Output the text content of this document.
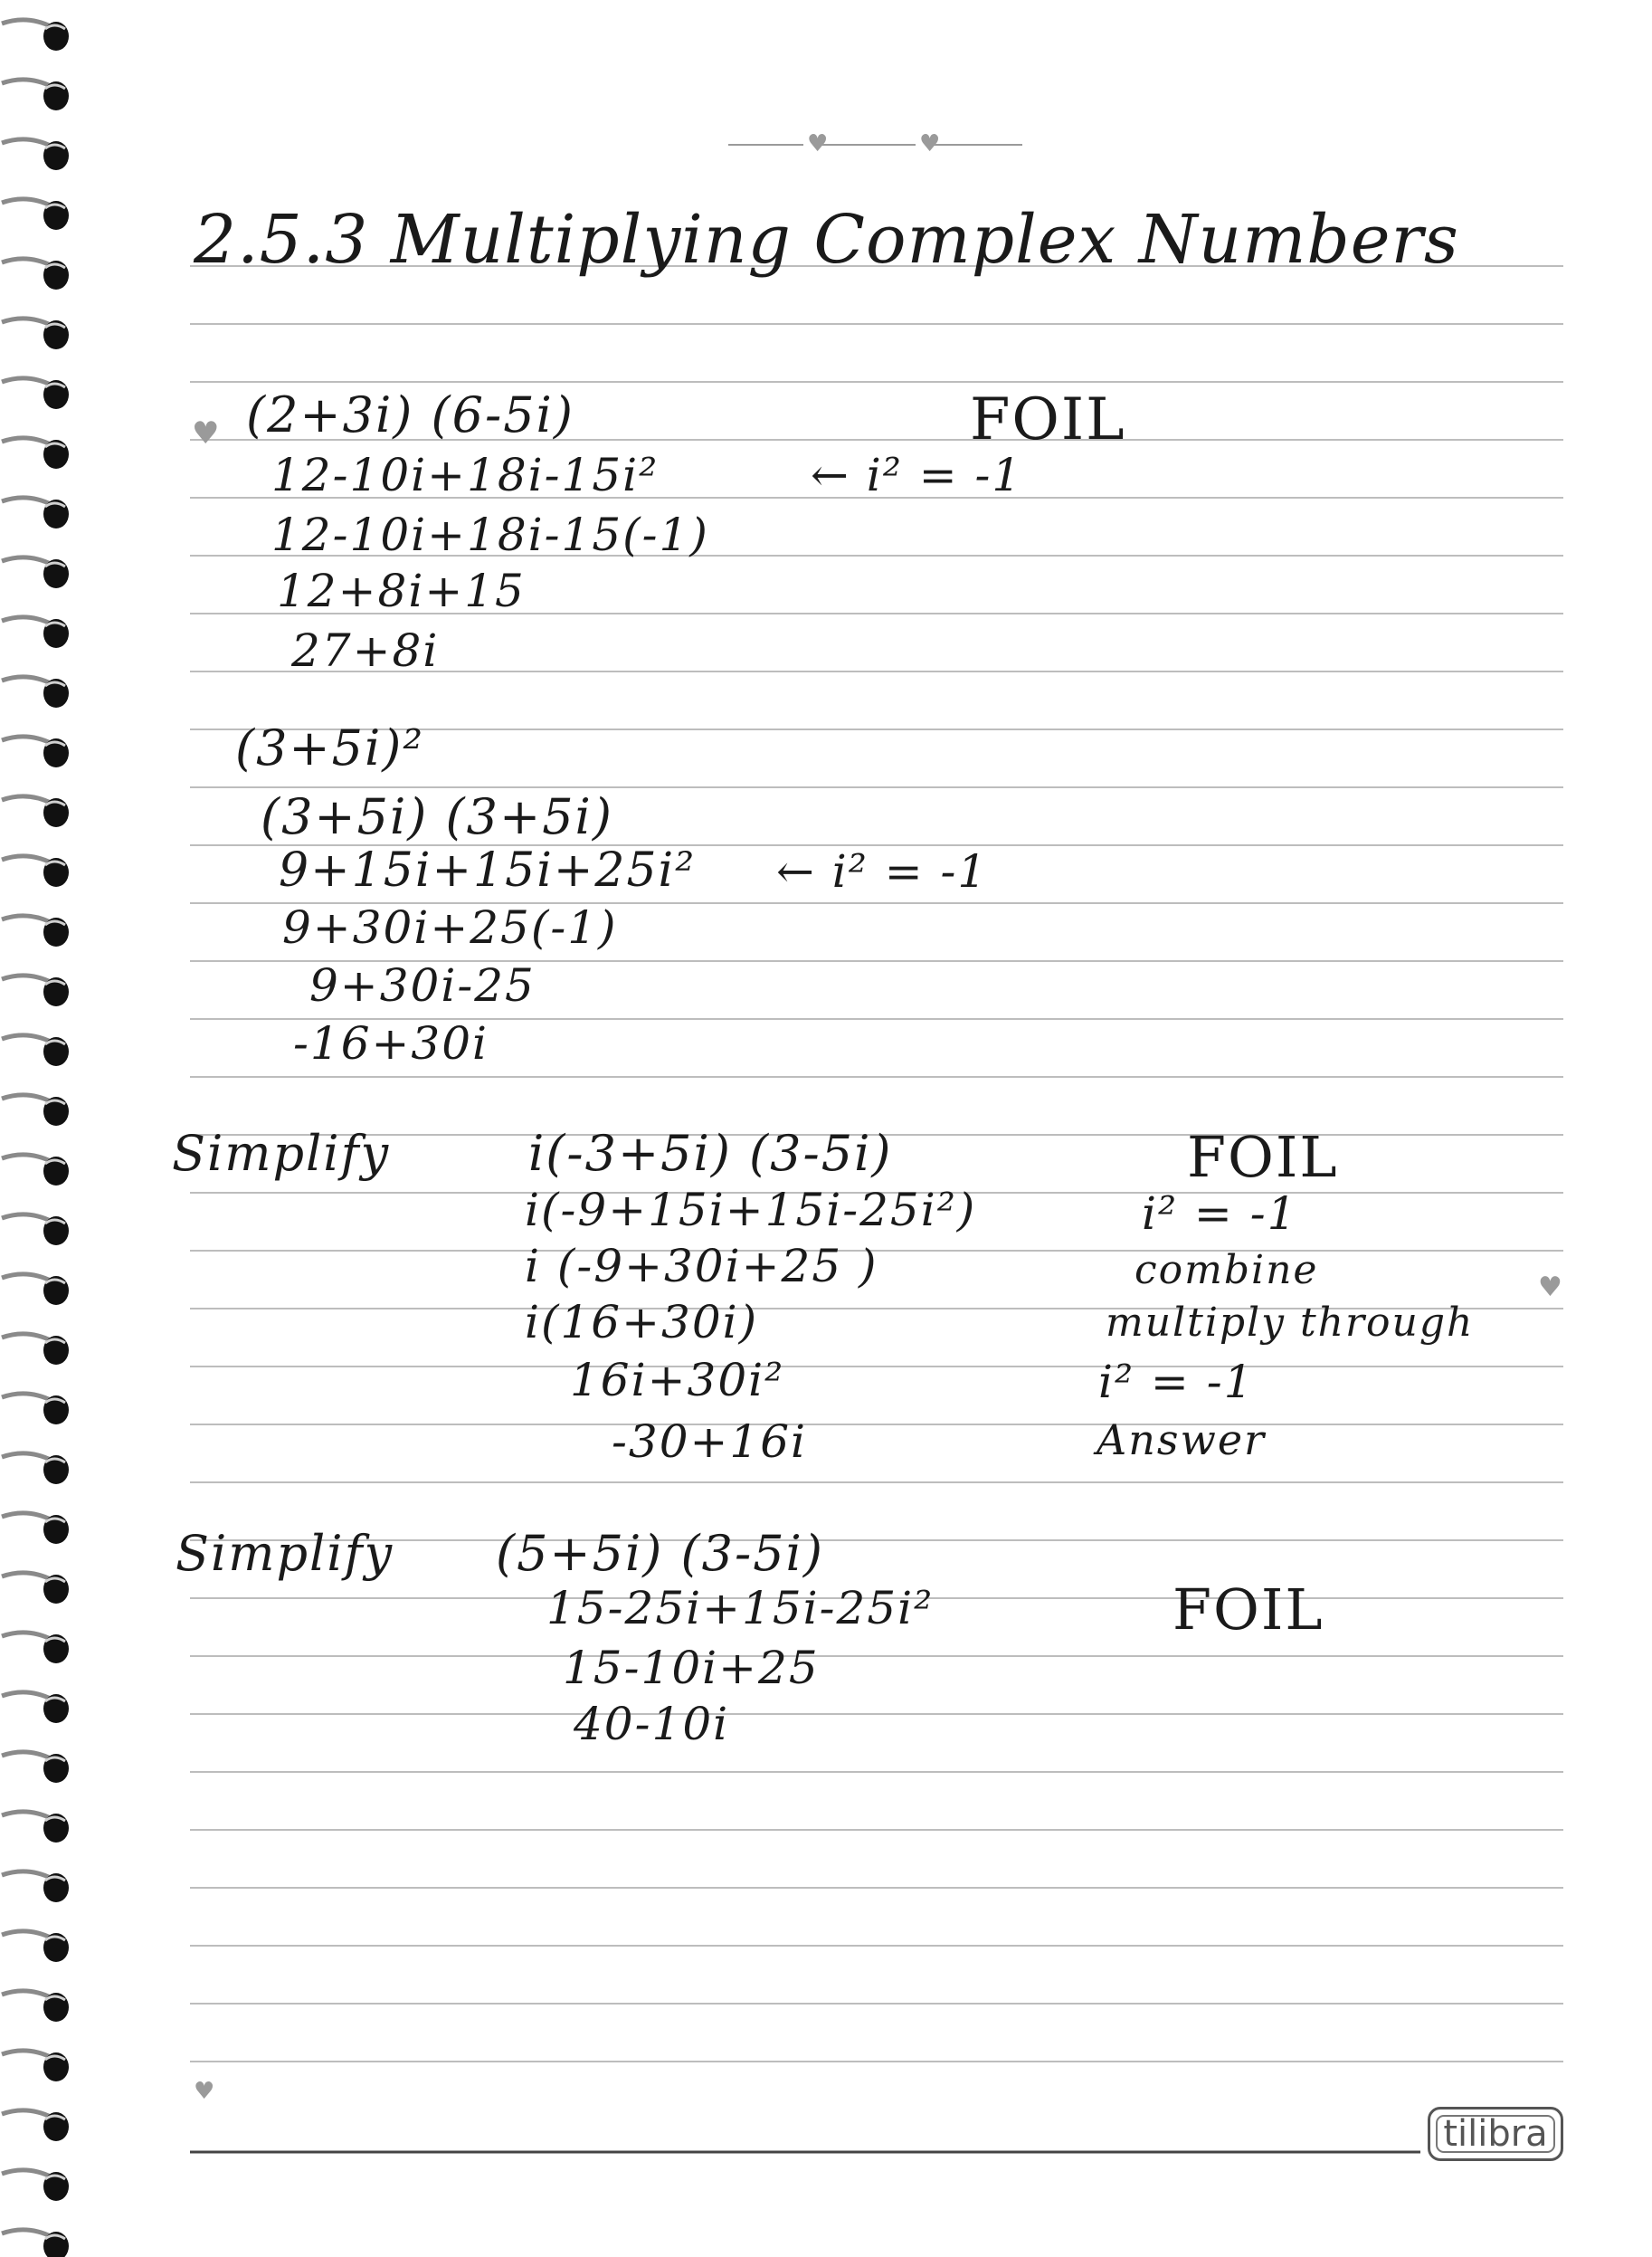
♥	♥
♥
♥
♥
2.5.3 Multiplying Complex Numbers
(2+3i) (6-5i)
12-10i+18i-15i²
12-10i+18i-15(-1)
12+8i+15
27+8i
FOIL
← i² = -1
(3+5i)²
(3+5i) (3+5i)
9+15i+15i+25i²
9+30i+25(-1)
9+30i-25
-16+30i
← i² = -1
Simplify	i(-3+5i) (3-5i)
i(-9+15i+15i-25i²)
i (-9+30i+25 )
i(16+30i)
16i+30i²
-30+16i
FOIL
i² = -1
combine
multiply through
i² = -1
Answer
Simplify (5+5i) (3-5i)
15-25i+15i-25i²
15-10i+25
40-10i
FOIL
tilibra
